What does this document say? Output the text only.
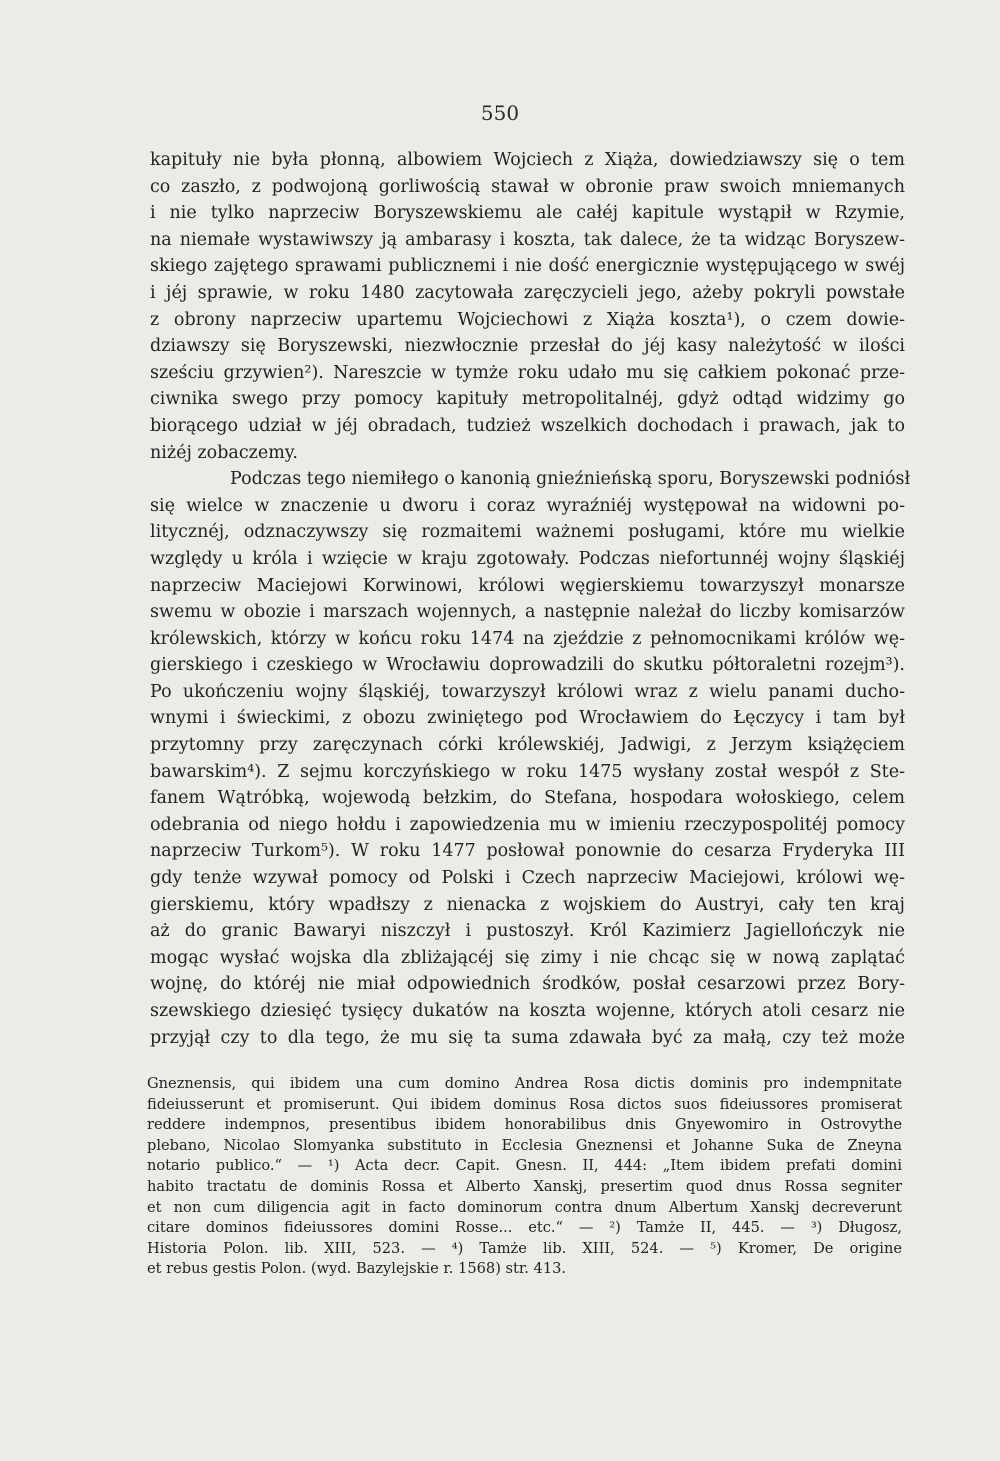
550

kapituły nie była płonną, albowiem Wojciech z Xiąża, dowiedziawszy się o tem

co zaszło, z podwojoną gorliwością stawał w obronie praw swoich mniemanych

i nie tylko naprzeciw Boryszewskiemu ale całéj kapitule wystąpił w Rzymie,

na niemałe wystawiwszy ją ambarasy i koszta, tak dalece, że ta widząc Boryszew-

skiego zajętego sprawami publicznemi i nie dość energicznie występującego w swéj

i jéj sprawie, w roku 1480 zacytowała zaręczycieli jego, ażeby pokryli powstałe

z obrony naprzeciw upartemu Wojciechowi z Xiąża koszta¹), o czem dowie-

dziawszy się Boryszewski, niezwłocznie przesłał do jéj kasy należytość w ilości

sześciu grzywien²). Nareszcie w tymże roku udało mu się całkiem pokonać prze-

ciwnika swego przy pomocy kapituły metropolitalnéj, gdyż odtąd widzimy go

biorącego udział w jéj obradach, tudzież wszelkich dochodach i prawach, jak to

niżéj zobaczemy.

Podczas tego niemiłego o kanonią gnieźnieńską sporu, Boryszewski podniósł

się wielce w znaczenie u dworu i coraz wyraźniéj występował na widowni po-

litycznéj, odznaczywszy się rozmaitemi ważnemi posługami, które mu wielkie

względy u króla i wzięcie w kraju zgotowały. Podczas niefortunnéj wojny śląskiéj

naprzeciw Maciejowi Korwinowi, królowi węgierskiemu towarzyszył monarsze

swemu w obozie i marszach wojennych, a następnie należał do liczby komisarzów

królewskich, którzy w końcu roku 1474 na zjeździe z pełnomocnikami królów wę-

gierskiego i czeskiego w Wrocławiu doprowadzili do skutku półtoraletni rozejm³).

Po ukończeniu wojny śląskiéj, towarzyszył królowi wraz z wielu panami ducho-

wnymi i świeckimi, z obozu zwiniętego pod Wrocławiem do Łęczycy i tam był

przytomny przy zaręczynach córki królewskiéj, Jadwigi, z Jerzym książęciem

bawarskim⁴). Z sejmu korczyńskiego w roku 1475 wysłany został wespół z Ste-

fanem Wątróbką, wojewodą bełzkim, do Stefana, hospodara wołoskiego, celem

odebrania od niego hołdu i zapowiedzenia mu w imieniu rzeczypospolitéj pomocy

naprzeciw Turkom⁵). W roku 1477 posłował ponownie do cesarza Fryderyka III

gdy tenże wzywał pomocy od Polski i Czech naprzeciw Maciejowi, królowi wę-

gierskiemu, który wpadłszy z nienacka z wojskiem do Austryi, cały ten kraj

aż do granic Bawaryi niszczył i pustoszył. Król Kazimierz Jagiellończyk nie

mogąc wysłać wojska dla zbliżającéj się zimy i nie chcąc się w nową zaplątać

wojnę, do któréj nie miał odpowiednich środków, posłał cesarzowi przez Bory-

szewskiego dziesięć tysięcy dukatów na koszta wojenne, których atoli cesarz nie

przyjął czy to dla tego, że mu się ta suma zdawała być za małą, czy też może

Gneznensis, qui ibidem una cum domino Andrea Rosa dictis dominis pro indempnitate

fideiusserunt et promiserunt. Qui ibidem dominus Rosa dictos suos fideiussores promiserat

reddere indempnos, presentibus ibidem honorabilibus dnis Gnyewomiro in Ostrovythe

plebano, Nicolao Slomyanka substituto in Ecclesia Gneznensi et Johanne Suka de Zneyna

notario publico.“ — ¹) Acta decr. Capit. Gnesn. II, 444: „Item ibidem prefati domini

habito tractatu de dominis Rossa et Alberto Xanskj, presertim quod dnus Rossa segniter

et non cum diligencia agit in facto dominorum contra dnum Albertum Xanskj decreverunt

citare dominos fideiussores domini Rosse... etc.“ — ²) Tamże II, 445. — ³) Długosz,

Historia Polon. lib. XIII, 523. — ⁴) Tamże lib. XIII, 524. — ⁵) Kromer, De origine

et rebus gestis Polon. (wyd. Bazylejskie r. 1568) str. 413.
